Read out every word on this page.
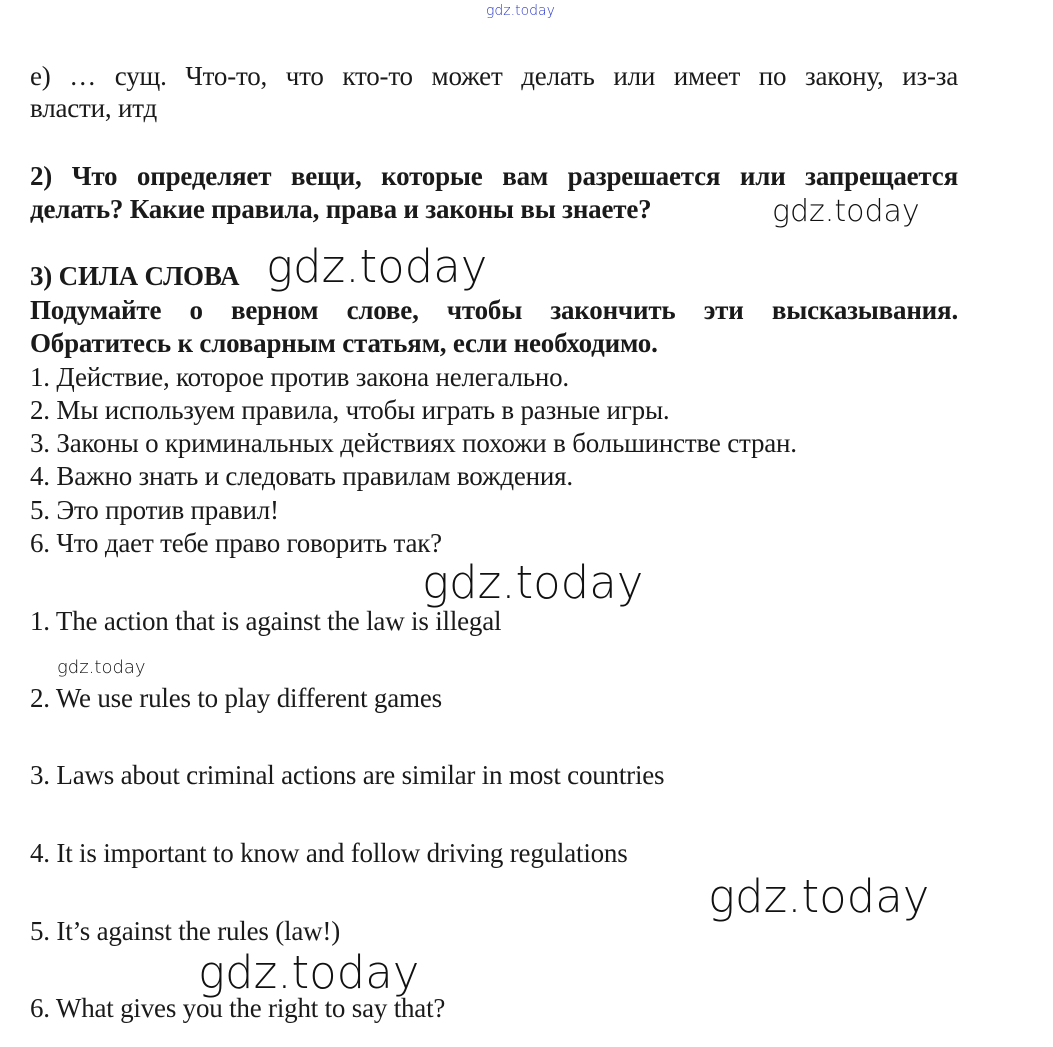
gdz.today
gdz.today
gdz.today
gdz.today
gdz.today
gdz.today
gdz.today
e) … сущ. Что-то, что кто-то может делать или имеет по закону, из-за
власти, итд
2) Что определяет вещи, которые вам разрешается или запрещается
делать? Какие правила, права и законы вы знаете?
3) СИЛА СЛОВА
Подумайте о верном слове, чтобы закончить эти высказывания.
Обратитесь к словарным статьям, если необходимо.
1. Действие, которое против закона нелегально.
2. Мы используем правила, чтобы играть в разные игры.
3. Законы о криминальных действиях похожи в большинстве стран.
4. Важно знать и следовать правилам вождения.
5. Это против правил!
6. Что дает тебе право говорить так?
1. The action that is against the law is illegal
2. We use rules to play different games
3. Laws about criminal actions are similar in most countries
4. It is important to know and follow driving regulations
5. It’s against the rules (law!)
6. What gives you the right to say that?
